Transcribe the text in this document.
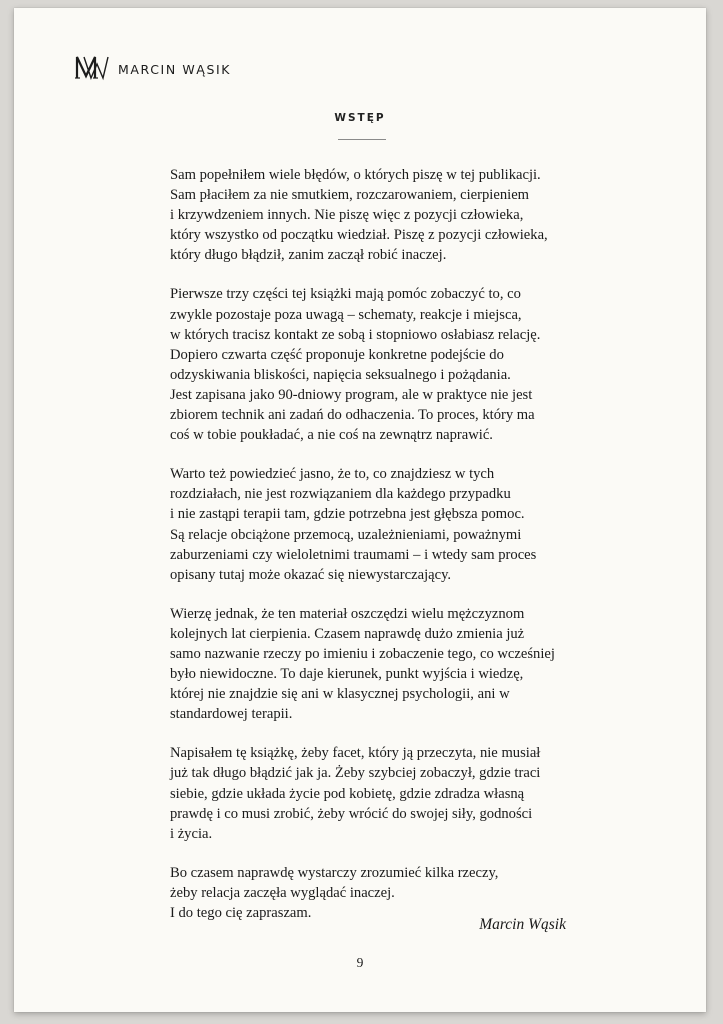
MARCIN WĄSIK
WSTĘP

Sam popełniłem wiele błędów, o których piszę w tej publikacji.
Sam płaciłem za nie smutkiem, rozczarowaniem, cierpieniem
i krzywdzeniem innych. Nie piszę więc z pozycji człowieka,
który wszystko od początku wiedział. Piszę z pozycji człowieka,
który długo błądził, zanim zaczął robić inaczej.

Pierwsze trzy części tej książki mają pomóc zobaczyć to, co
zwykle pozostaje poza uwagą – schematy, reakcje i miejsca,
w których tracisz kontakt ze sobą i stopniowo osłabiasz relację.
Dopiero czwarta część proponuje konkretne podejście do
odzyskiwania bliskości, napięcia seksualnego i pożądania.
Jest zapisana jako 90-dniowy program, ale w praktyce nie jest
zbiorem technik ani zadań do odhaczenia. To proces, który ma
coś w tobie poukładać, a nie coś na zewnątrz naprawić.

Warto też powiedzieć jasno, że to, co znajdziesz w tych
rozdziałach, nie jest rozwiązaniem dla każdego przypadku
i nie zastąpi terapii tam, gdzie potrzebna jest głębsza pomoc.
Są relacje obciążone przemocą, uzależnieniami, poważnymi
zaburzeniami czy wieloletnimi traumami – i wtedy sam proces
opisany tutaj może okazać się niewystarczający.

Wierzę jednak, że ten materiał oszczędzi wielu mężczyznom
kolejnych lat cierpienia. Czasem naprawdę dużo zmienia już
samo nazwanie rzeczy po imieniu i zobaczenie tego, co wcześniej
było niewidoczne. To daje kierunek, punkt wyjścia i wiedzę,
której nie znajdzie się ani w klasycznej psychologii, ani w
standardowej terapii.

Napisałem tę książkę, żeby facet, który ją przeczyta, nie musiał
już tak długo błądzić jak ja. Żeby szybciej zobaczył, gdzie traci
siebie, gdzie układa życie pod kobietę, gdzie zdradza własną
prawdę i co musi zrobić, żeby wrócić do swojej siły, godności
i życia.

Bo czasem naprawdę wystarczy zrozumieć kilka rzeczy,
żeby relacja zaczęła wyglądać inaczej.
I do tego cię zapraszam.

Marcin Wąsik
9
